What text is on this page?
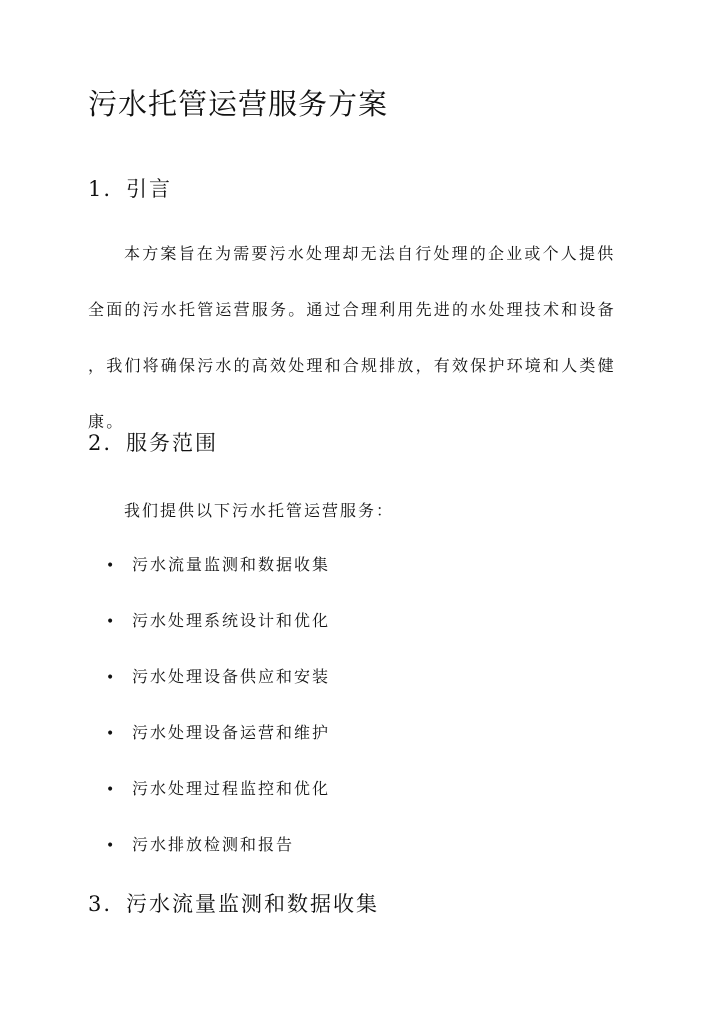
污水托管运营服务方案
1. 引言
本方案旨在为需要污水处理却无法自行处理的企业或个人提供
全面的污水托管运营服务。通过合理利用先进的水处理技术和设备
，我们将确保污水的高效处理和合规排放，有效保护环境和人类健
康。
2. 服务范围
我们提供以下污水托管运营服务：
• 污水流量监测和数据收集
• 污水处理系统设计和优化
• 污水处理设备供应和安装
• 污水处理设备运营和维护
• 污水处理过程监控和优化
• 污水排放检测和报告
3. 污水流量监测和数据收集
